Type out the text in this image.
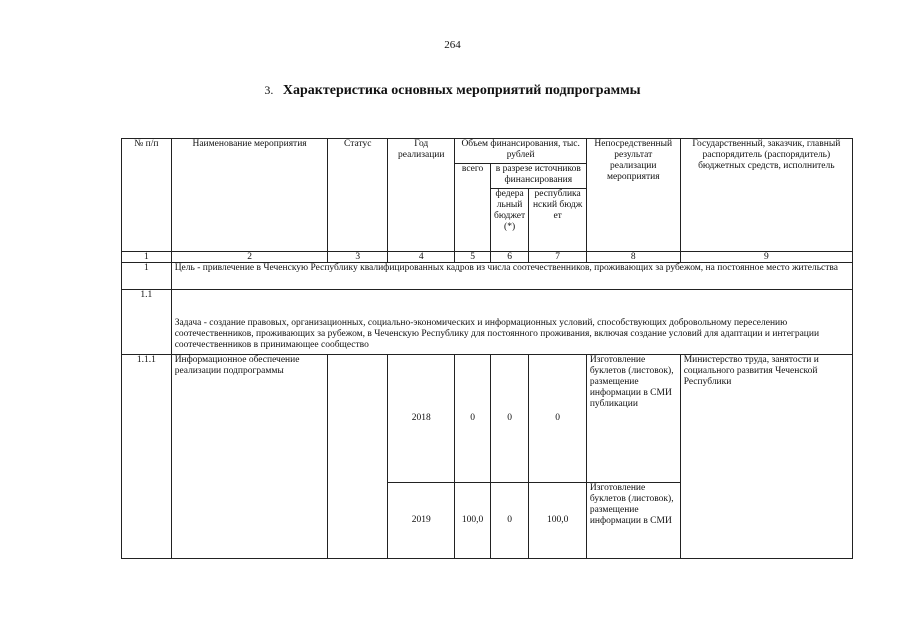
264
3. Характеристика основных мероприятий подпрограммы
№ п/п	Наименование мероприятия	Статус	Год реализации	Объем финансирования, тыс. рублей			Непосредственный результат реализации мероприятия	Государственный, заказчик, главный распорядитель (распорядитель) бюджетных средств, исполнитель
				всего	в разрезе источников финансирования			
					федеральный бюджет(*)	республиканский бюджет		
1	2	3	4	5	6	7	8	9
1	Цель - привлечение в Чеченскую Республику квалифицированных кадров из числа соотечественников, проживающих за рубежом, на постоянное место жительства							
1.1	Задача - создание правовых, организационных, социально-экономических и информационных условий, способствующих добровольному переселению соотечественников, проживающих за рубежом, в Чеченскую Республику для постоянного проживания, включая создание условий для адаптации и интеграции соотечественников в принимающее сообщество							
1.1.1	Информационное обеспечение реализации подпрограммы		2018	0	0	0	Изготовление буклетов (листовок), размещение информации в СМИ публикации	Министерство труда, занятости и социального развития Чеченской Республики
			2019	100,0	0	100,0	Изготовление буклетов (листовок), размещение информации в СМИ	
